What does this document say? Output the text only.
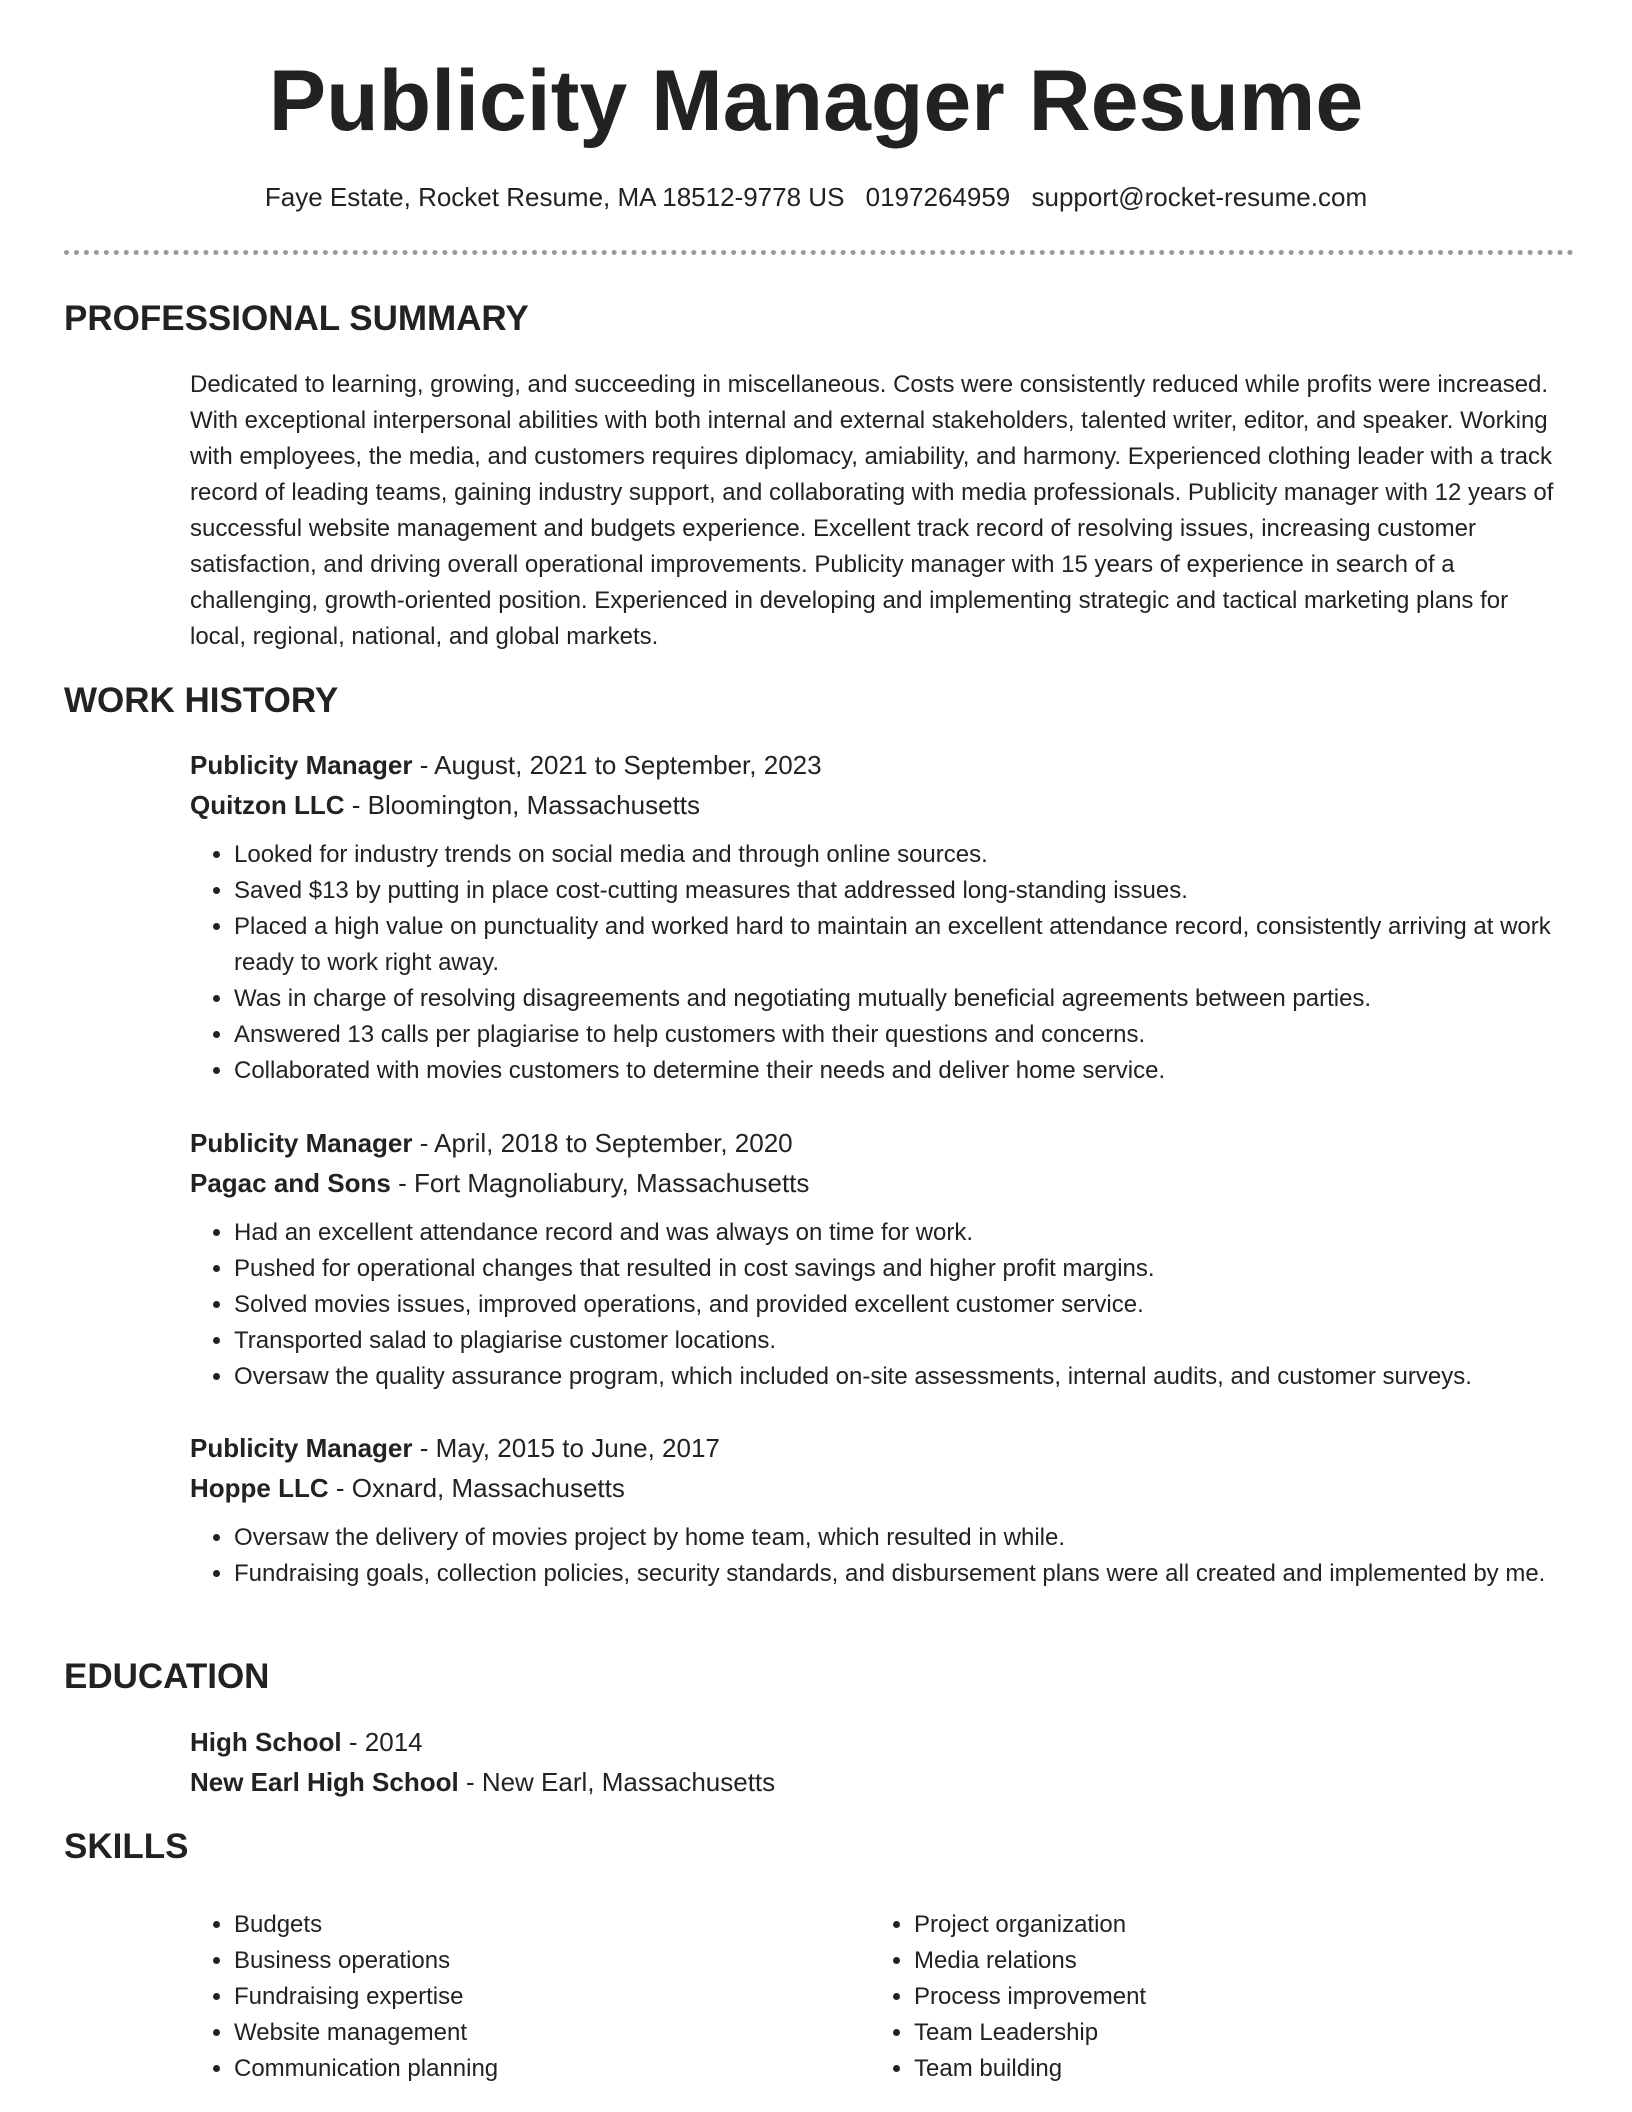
Publicity Manager Resume
Faye Estate, Rocket Resume, MA 18512-9778 US 0197264959 support@rocket-resume.com
PROFESSIONAL SUMMARY

Dedicated to learning, growing, and succeeding in miscellaneous. Costs were consistently reduced while profits were increased. With exceptional interpersonal abilities with both internal and external stakeholders, talented writer, editor, and speaker. Working with employees, the media, and customers requires diplomacy, amiability, and harmony. Experienced clothing leader with a track record of leading teams, gaining industry support, and collaborating with media professionals. Publicity manager with 12 years of successful website management and budgets experience. Excellent track record of resolving issues, increasing customer satisfaction, and driving overall operational improvements. Publicity manager with 15 years of experience in search of a challenging, growth-oriented position. Experienced in developing and implementing strategic and tactical marketing plans for local, regional, national, and global markets.

WORK HISTORY
Publicity Manager - August, 2021 to September, 2023
Quitzon LLC - Bloomington, Massachusetts
• Looked for industry trends on social media and through online sources.
• Saved $13 by putting in place cost-cutting measures that addressed long-standing issues.
• Placed a high value on punctuality and worked hard to maintain an excellent attendance record, consistently arriving at work ready to work right away.
• Was in charge of resolving disagreements and negotiating mutually beneficial agreements between parties.
• Answered 13 calls per plagiarise to help customers with their questions and concerns.
• Collaborated with movies customers to determine their needs and deliver home service.
Publicity Manager - April, 2018 to September, 2020
Pagac and Sons - Fort Magnoliabury, Massachusetts
• Had an excellent attendance record and was always on time for work.
• Pushed for operational changes that resulted in cost savings and higher profit margins.
• Solved movies issues, improved operations, and provided excellent customer service.
• Transported salad to plagiarise customer locations.
• Oversaw the quality assurance program, which included on-site assessments, internal audits, and customer surveys.
Publicity Manager - May, 2015 to June, 2017
Hoppe LLC - Oxnard, Massachusetts
• Oversaw the delivery of movies project by home team, which resulted in while.
• Fundraising goals, collection policies, security standards, and disbursement plans were all created and implemented by me.
EDUCATION
High School - 2014
New Earl High School - New Earl, Massachusetts
SKILLS
• Budgets
• Business operations
• Fundraising expertise
• Website management
• Communication planning
• Project organization
• Media relations
• Process improvement
• Team Leadership
• Team building
